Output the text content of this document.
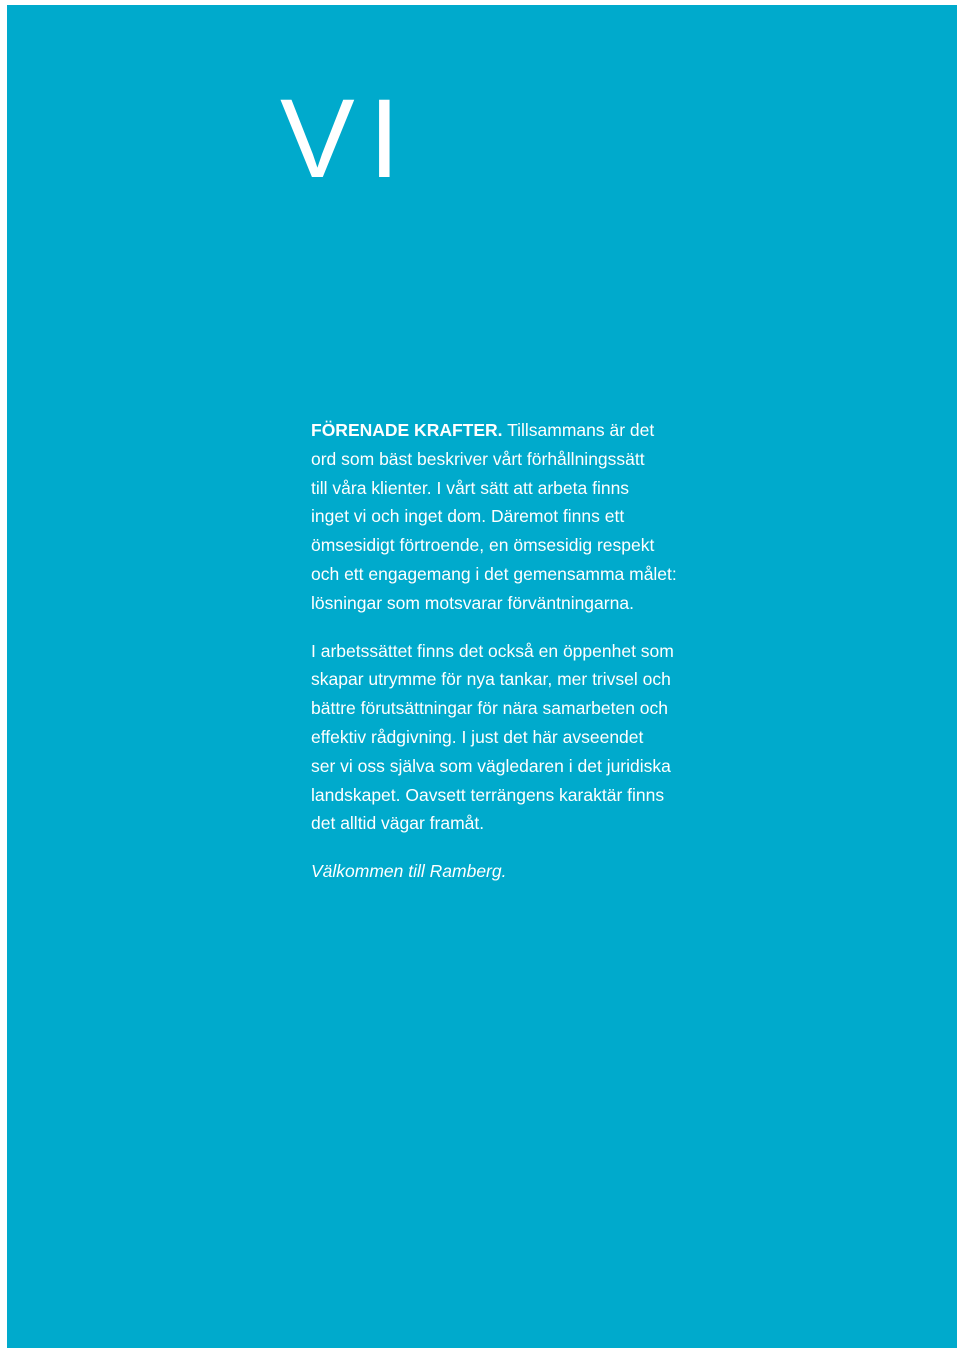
VI

FÖRENADE KRAFTER. Tillsammans är det
ord som bäst beskriver vårt förhållningssätt
till våra klienter. I vårt sätt att arbeta finns
inget vi och inget dom. Däremot finns ett
ömsesidigt förtroende, en ömsesidig respekt
och ett engagemang i det gemensamma målet:
lösningar som motsvarar förväntningarna.

I arbetssättet finns det också en öppenhet som
skapar utrymme för nya tankar, mer trivsel och
bättre förutsättningar för nära samarbeten och
effektiv rådgivning. I just det här avseendet
ser vi oss själva som vägledaren i det juridiska
landskapet. Oavsett terrängens karaktär finns
det alltid vägar framåt.

Välkommen till Ramberg.
